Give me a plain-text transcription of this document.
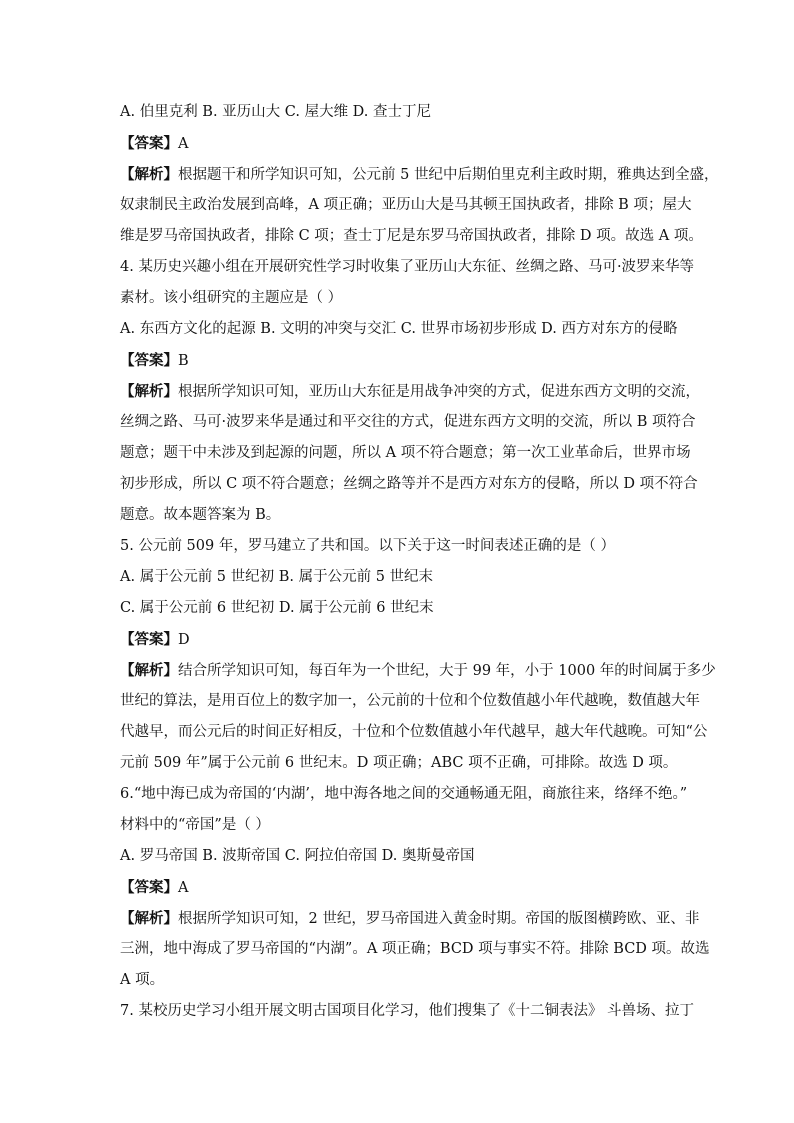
A. 伯里克利 B. 亚历山大 C. 屋大维 D. 查士丁尼
【答案】A
【解析】根据题干和所学知识可知，公元前 5 世纪中后期伯里克利主政时期，雅典达到全盛，
奴隶制民主政治发展到高峰，A 项正确；亚历山大是马其顿王国执政者，排除 B 项；屋大
维是罗马帝国执政者，排除 C 项；查士丁尼是东罗马帝国执政者，排除 D 项。故选 A 项。
4. 某历史兴趣小组在开展研究性学习时收集了亚历山大东征、丝绸之路、马可·波罗来华等
素材。该小组研究的主题应是（ ）
A. 东西方文化的起源 B. 文明的冲突与交汇 C. 世界市场初步形成 D. 西方对东方的侵略
【答案】B
【解析】根据所学知识可知，亚历山大东征是用战争冲突的方式，促进东西方文明的交流，
丝绸之路、马可·波罗来华是通过和平交往的方式，促进东西方文明的交流，所以 B 项符合
题意；题干中未涉及到起源的问题，所以 A 项不符合题意；第一次工业革命后，世界市场
初步形成，所以 C 项不符合题意；丝绸之路等并不是西方对东方的侵略，所以 D 项不符合
题意。故本题答案为 B。
5. 公元前 509 年，罗马建立了共和国。以下关于这一时间表述正确的是（ ）
A. 属于公元前 5 世纪初 B. 属于公元前 5 世纪末
C. 属于公元前 6 世纪初 D. 属于公元前 6 世纪末
【答案】D
【解析】结合所学知识可知，每百年为一个世纪，大于 99 年，小于 1000 年的时间属于多少
世纪的算法，是用百位上的数字加一，公元前的十位和个位数值越小年代越晚，数值越大年
代越早，而公元后的时间正好相反，十位和个位数值越小年代越早，越大年代越晚。可知“公
元前 509 年”属于公元前 6 世纪末。D 项正确；ABC 项不正确，可排除。故选 D 项。
6.“地中海已成为帝国的‘内湖’，地中海各地之间的交通畅通无阻，商旅往来，络绎不绝。”
材料中的“帝国”是（ ）
A. 罗马帝国 B. 波斯帝国 C. 阿拉伯帝国 D. 奥斯曼帝国
【答案】A
【解析】根据所学知识可知，2 世纪，罗马帝国进入黄金时期。帝国的版图横跨欧、亚、非
三洲，地中海成了罗马帝国的“内湖”。A 项正确；BCD 项与事实不符。排除 BCD 项。故选
A 项。
7. 某校历史学习小组开展文明古国项目化学习，他们搜集了《十二铜表法》 斗兽场、拉丁
